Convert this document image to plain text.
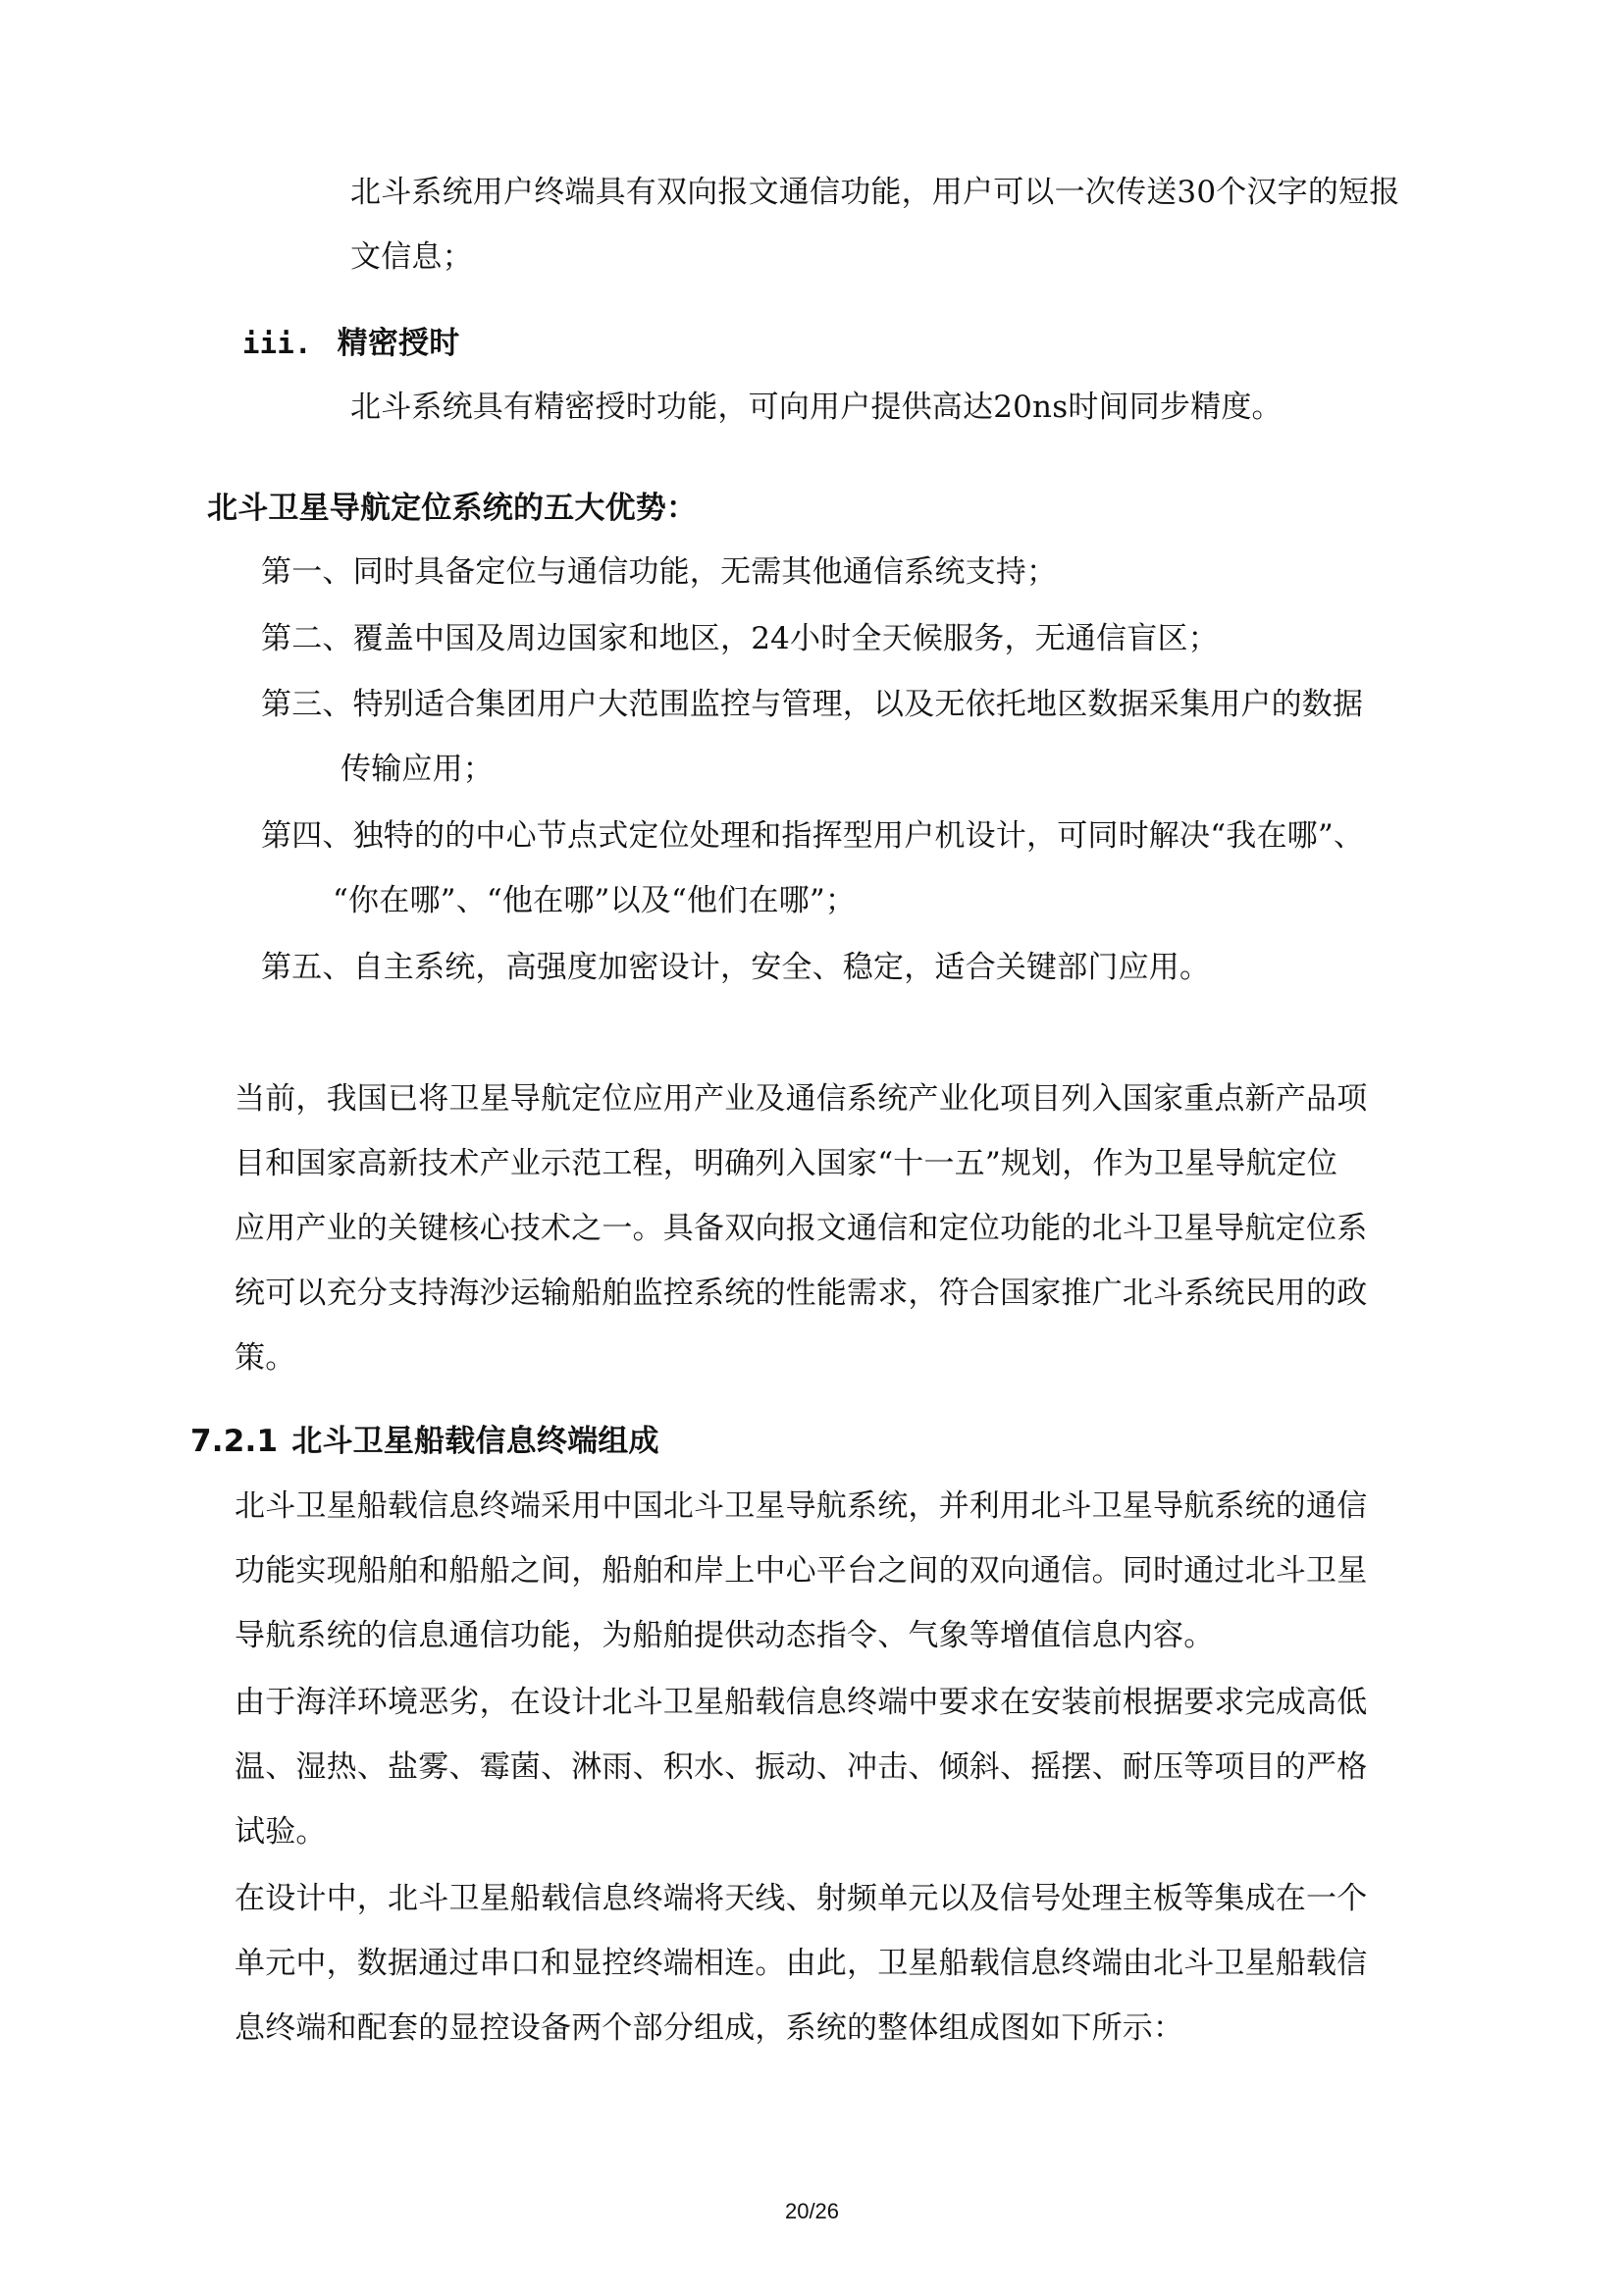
北斗系统用户终端具有双向报文通信功能，用户可以一次传送30个汉字的短报
文信息；
iii. 精密授时
北斗系统具有精密授时功能，可向用户提供高达20ns时间同步精度。
北斗卫星导航定位系统的五大优势：
第一、同时具备定位与通信功能，无需其他通信系统支持；
第二、覆盖中国及周边国家和地区，24小时全天候服务，无通信盲区；
第三、特别适合集团用户大范围监控与管理，以及无依托地区数据采集用户的数据
传输应用；
第四、独特的的中心节点式定位处理和指挥型用户机设计，可同时解决“我在哪”、
“你在哪”、“他在哪”以及“他们在哪”；
第五、自主系统，高强度加密设计，安全、稳定，适合关键部门应用。
当前，我国已将卫星导航定位应用产业及通信系统产业化项目列入国家重点新产品项
目和国家高新技术产业示范工程，明确列入国家“十一五”规划，作为卫星导航定位
应用产业的关键核心技术之一。具备双向报文通信和定位功能的北斗卫星导航定位系
统可以充分支持海沙运输船舶监控系统的性能需求，符合国家推广北斗系统民用的政
策。
7.2.1 北斗卫星船载信息终端组成
北斗卫星船载信息终端采用中国北斗卫星导航系统，并利用北斗卫星导航系统的通信
功能实现船舶和船船之间，船舶和岸上中心平台之间的双向通信。同时通过北斗卫星
导航系统的信息通信功能，为船舶提供动态指令、气象等增值信息内容。
由于海洋环境恶劣，在设计北斗卫星船载信息终端中要求在安装前根据要求完成高低
温、湿热、盐雾、霉菌、淋雨、积水、振动、冲击、倾斜、摇摆、耐压等项目的严格
试验。
在设计中，北斗卫星船载信息终端将天线、射频单元以及信号处理主板等集成在一个
单元中，数据通过串口和显控终端相连。由此，卫星船载信息终端由北斗卫星船载信
息终端和配套的显控设备两个部分组成，系统的整体组成图如下所示：
20/26
